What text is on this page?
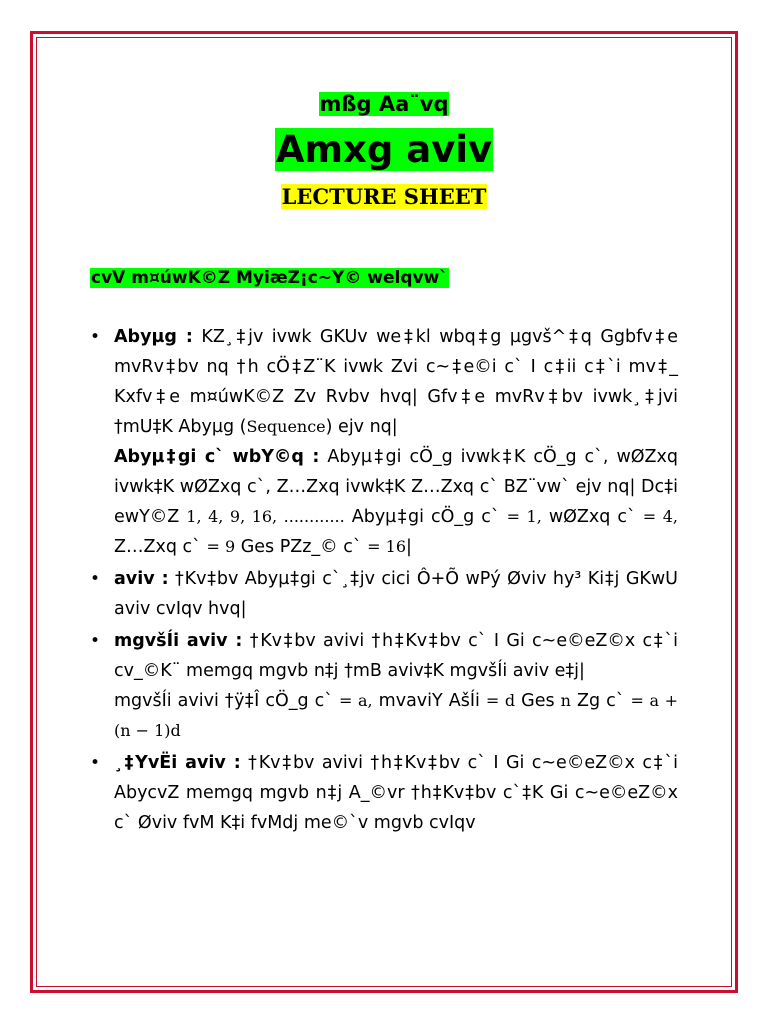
mßg Aa¨vq
Amxg aviv
LECTURE SHEET
cvV m¤úwK©Z MyiæZ¡c~Y© welqvw`
• Abyµg : KZ¸‡jv ivwk GKUv we‡kl wbq‡g µgvš^‡q Ggbfv‡e mvRv‡bv nq †h cÖ‡Z¨K ivwk Zvi c~‡e©i c` I c‡ii c‡`i mv‡_ Kxfv‡e m¤úwK©Z Zv Rvbv hvq| Gfv‡e mvRv‡bv ivwk¸‡jvi †mU‡K Abyµg (Sequence) ejv nq|

Abyµ‡gi c` wbY©q : Abyµ‡gi cÖ_g ivwk‡K cÖ_g c`, wØZxq ivwk‡K wØZxq c`, Z…Zxq ivwk‡K Z…Zxq c` BZ¨vw` ejv nq| Dc‡i ewY©Z 1, 4, 9, 16, ............ Abyµ‡gi cÖ_g c` = 1, wØZxq c` = 4, Z…Zxq c` = 9 Ges PZz_© c` = 16|

• aviv : †Kv‡bv Abyµ‡gi c`¸‡jv cici Ô+Õ wPý Øviv hy³ Ki‡j GKwU aviv cvIqv hvq|

• mgvšÍi aviv : †Kv‡bv avivi †h‡Kv‡bv c` I Gi c~e©eZ©x c‡`i cv_©K¨ memgq mgvb n‡j †mB aviv‡K mgvšÍi aviv e‡j|

mgvšÍi avivi †ÿ‡Î cÖ_g c` = a, mvaviY AšÍi = d Ges n Zg c` = a + (n − 1)d

• ¸‡YvËi aviv : †Kv‡bv avivi †h‡Kv‡bv c` I Gi c~e©eZ©x c‡`i AbycvZ memgq mgvb n‡j A_©vr †h‡Kv‡bv c`‡K Gi c~e©eZ©x c` Øviv fvM K‡i fvMdj me©`v mgvb cvIqv
